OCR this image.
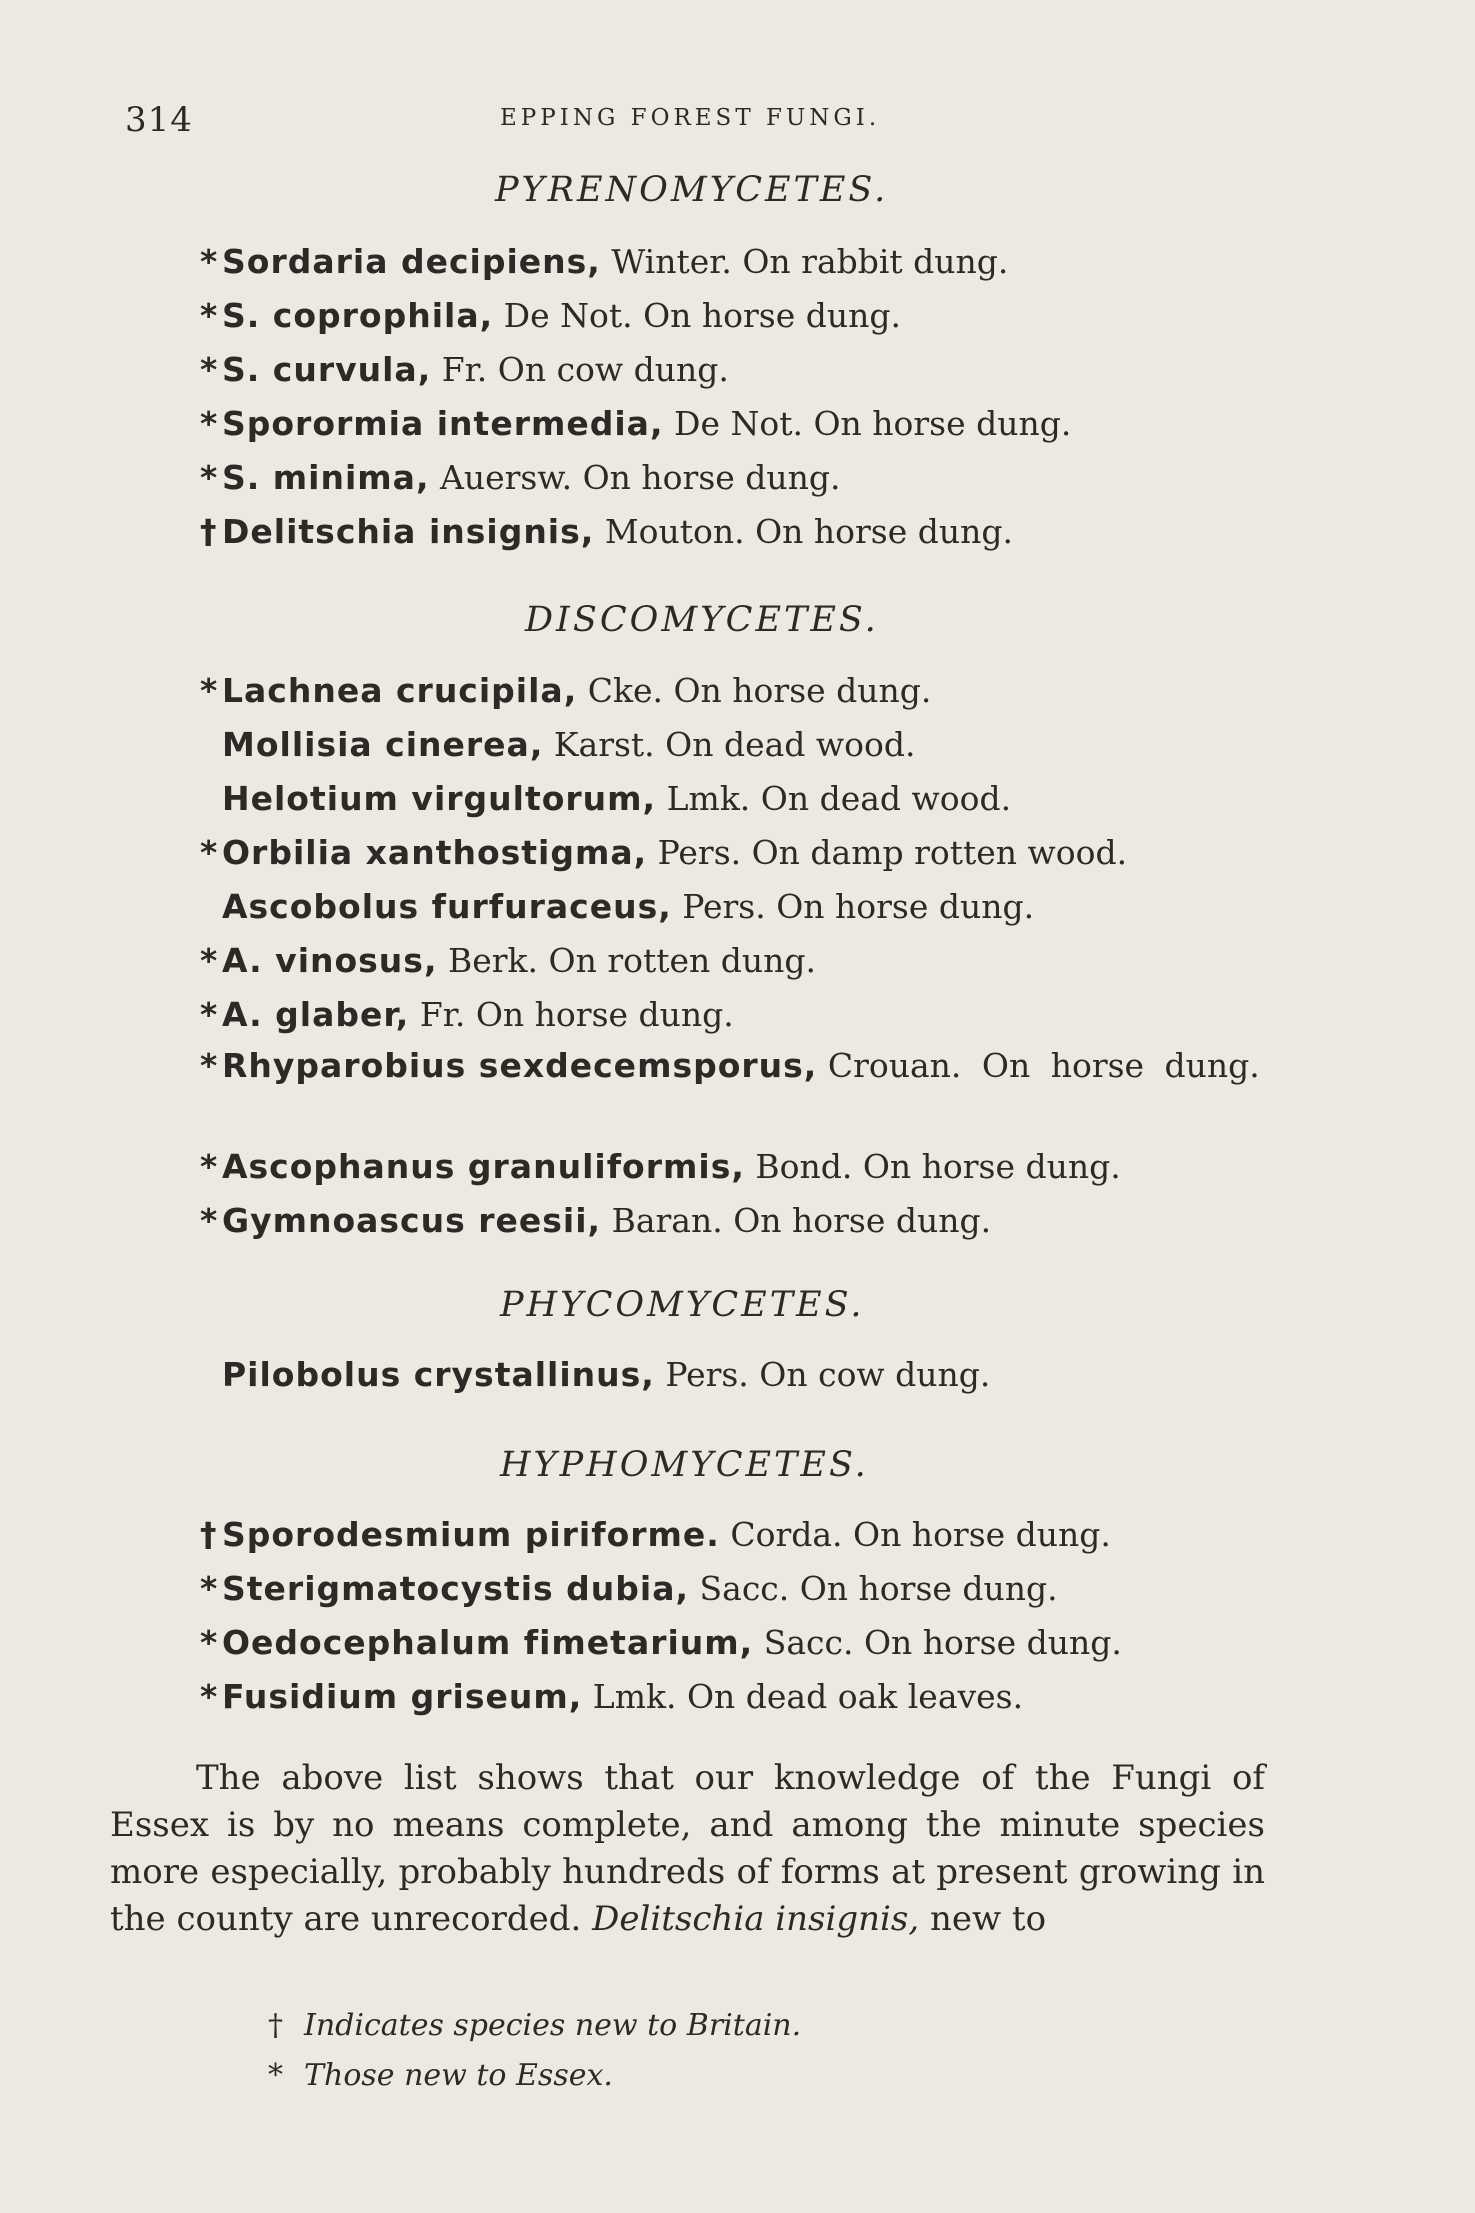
314	EPPING FOREST FUNGI.
PYRENOMYCETES.
* Sordaria decipiens, Winter. On rabbit dung.
* S. coprophila, De Not. On horse dung.
* S. curvula, Fr. On cow dung.
* Sporormia intermedia, De Not. On horse dung.
* S. minima, Auersw. On horse dung.
† Delitschia insignis, Mouton. On horse dung.
DISCOMYCETES.
* Lachnea crucipila, Cke. On horse dung.
Mollisia cinerea, Karst. On dead wood.
Helotium virgultorum, Lmk. On dead wood.
* Orbilia xanthostigma, Pers. On damp rotten wood.
Ascobolus furfuraceus, Pers. On horse dung.
* A. vinosus, Berk. On rotten dung.
* A. glaber, Fr. On horse dung.
* Rhyparobius sexdecemsporus, Crouan. On horse dung.
* Ascophanus granuliformis, Bond. On horse dung.
* Gymnoascus reesii, Baran. On horse dung.
PHYCOMYCETES.
Pilobolus crystallinus, Pers. On cow dung.
HYPHOMYCETES.
† Sporodesmium piriforme. Corda. On horse dung.
* Sterigmatocystis dubia, Sacc. On horse dung.
* Oedocephalum fimetarium, Sacc. On horse dung.
* Fusidium griseum, Lmk. On dead oak leaves.
The above list shows that our knowledge of the Fungi of Essex is by no means complete, and among the minute species more especially, probably hundreds of forms at present growing in the county are unrecorded. Delitschia insignis, new to
† Indicates species new to Britain.
* Those new to Essex.
